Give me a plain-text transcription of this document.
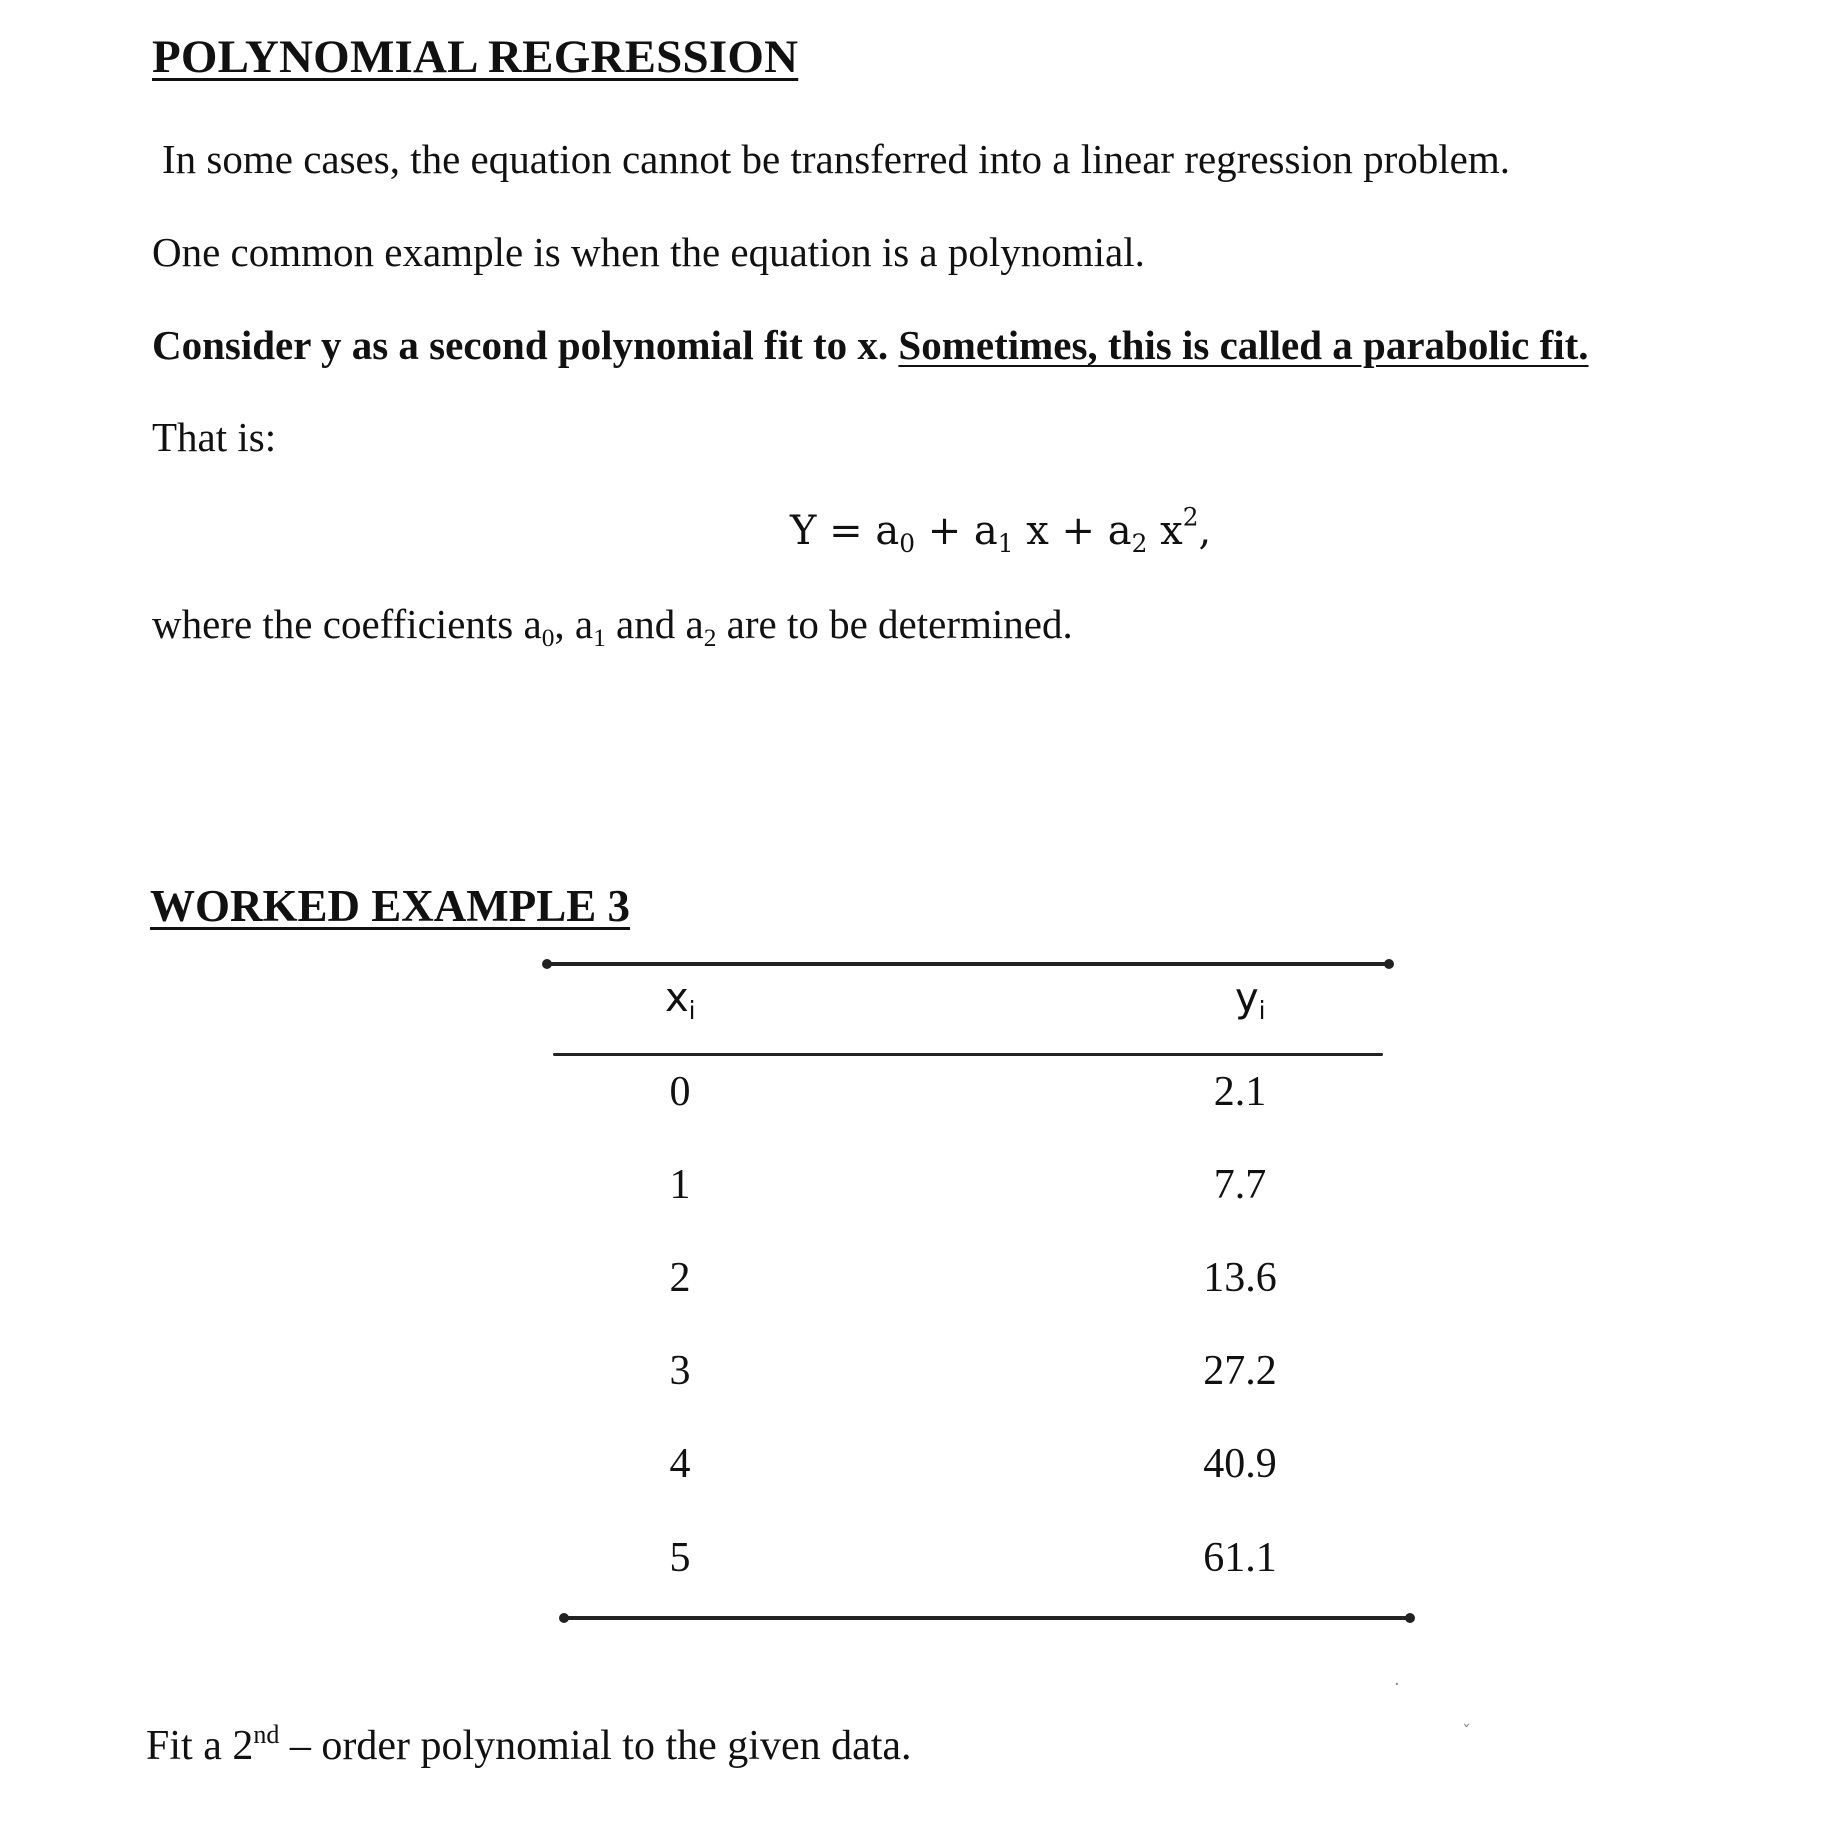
POLYNOMIAL REGRESSION
In some cases, the equation cannot be transferred into a linear regression problem.
One common example is when the equation is a polynomial.
Consider y as a second polynomial fit to x. Sometimes, this is called a parabolic fit.
That is:
$Y = a_0 + a_1$ $x + a_2$ $x^2$,
where the coefficients $a_0$, $a_1$ and $a_2$ are to be determined.
WORKED EXAMPLE 3
$x_i$	$y_i$
0	2.1
1	7.7
2	13.6
3	27.2
4	40.9
5	61.1
Fit a 2nd – order polynomial to the given data.
·
ˇ
